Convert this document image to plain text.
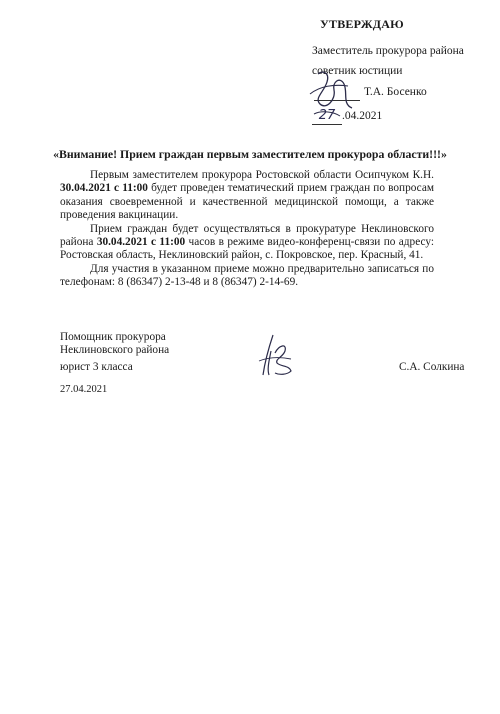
УТВЕРЖДАЮ
Заместитель прокурора района
советник юстиции
Т.А. Босенко
27 .04.2021
«Внимание! Прием граждан первым заместителем прокурора области!!!»

Первым заместителем прокурора Ростовской области Осипчуком К.Н. 30.04.2021 с 11:00 будет проведен тематический прием граждан по вопросам оказания своевременной и качественной медицинской помощи, а также проведения вакцинации.

Прием граждан будет осуществляться в прокуратуре Неклиновского района 30.04.2021 с 11:00 часов в режиме видео-конференц-связи по адресу: Ростовская область, Неклиновский район, с. Покровское, пер. Красный, 41.

Для участия в указанном приеме можно предварительно записаться по телефонам: 8 (86347) 2-13-48 и 8 (86347) 2-14-69.

Помощник прокурора
Неклиновского района
юрист 3 класса	С.А. Солкина
27.04.2021
